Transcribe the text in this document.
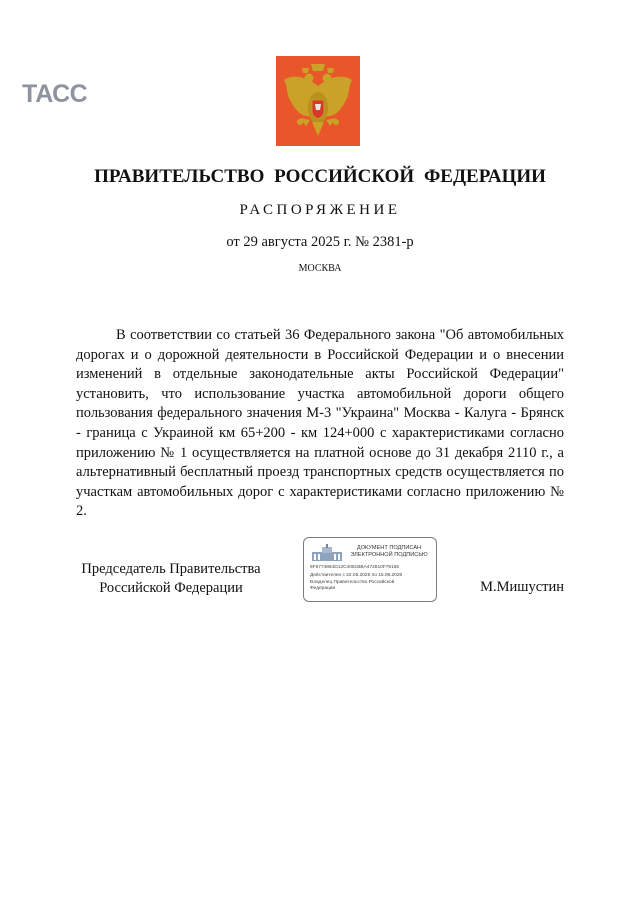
ТАСС
ПРАВИТЕЛЬСТВО РОССИЙСКОЙ ФЕДЕРАЦИИ
РАСПОРЯЖЕНИЕ
от 29 августа 2025 г. № 2381-р
МОСКВА

В соответствии со статьей 36 Федерального закона "Об автомобильных дорогах и о дорожной деятельности в Российской Федерации и о внесении изменений в отдельные законодательные акты Российской Федерации" установить, что использование участка автомобильной дороги общего пользования федерального значения М-3 "Украина" Москва - Калуга - Брянск - граница с Украиной км 65+200 - км 124+000 с характеристиками согласно приложению № 1 осуществляется на платной основе до 31 декабря 2110 г., а альтернативный бесплатный проезд транспортных средств осуществляется по участкам автомобильных дорог с характеристиками согласно приложению № 2.

Председатель Правительства
Российской Федерации
ДОКУМЕНТ ПОДПИСАН
ЭЛЕКТРОННОЙ ПОДПИСЬЮ
6F6774864D13C4081BBA472810F79155
Действителен с 22.05.2025 по 15.08.2026
Владелец Правительство Российской
Федерации	М.Мишустин
